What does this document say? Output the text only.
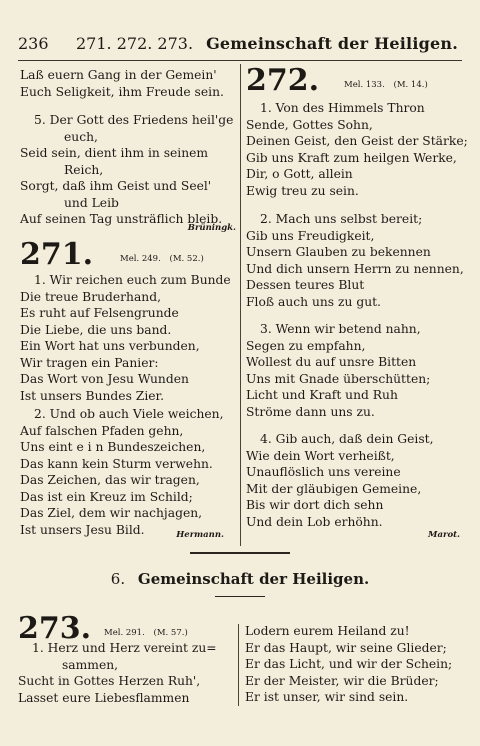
236 271. 272. 273. Gemeinschaft der Heiligen.

Laß euern Gang in der Gemein'

Euch Seligkeit, ihm Freude sein.

5. Der Gott des Friedens heil'ge

euch,

Seid sein, dient ihm in seinem

Reich,

Sorgt, daß ihm Geist und Seel'

und Leib

Auf seinen Tag unsträflich bleib.

Brüningk.
271.	Mel. 249. (M. 52.)

1. Wir reichen euch zum Bunde

Die treue Bruderhand,

Es ruht auf Felsengrunde

Die Liebe, die uns band.

Ein Wort hat uns verbunden,

Wir tragen ein Panier:

Das Wort von Jesu Wunden

Ist unsers Bundes Zier.

2. Und ob auch Viele weichen,

Auf falschen Pfaden gehn,

Uns eint e i n Bundeszeichen,

Das kann kein Sturm verwehn.

Das Zeichen, das wir tragen,

Das ist ein Kreuz im Schild;

Das Ziel, dem wir nachjagen,

Ist unsers Jesu Bild.	Hermann.
272.	Mel. 133. (M. 14.)

1. Von des Himmels Thron

Sende, Gottes Sohn,

Deinen Geist, den Geist der Stärke;

Gib uns Kraft zum heilgen Werke,

Dir, o Gott, allein

Ewig treu zu sein.

2. Mach uns selbst bereit;

Gib uns Freudigkeit,

Unsern Glauben zu bekennen

Und dich unsern Herrn zu nennen,

Dessen teures Blut

Floß auch uns zu gut.

3. Wenn wir betend nahn,

Segen zu empfahn,

Wollest du auf unsre Bitten

Uns mit Gnade überschütten;

Licht und Kraft und Ruh

Ströme dann uns zu.

4. Gib auch, daß dein Geist,

Wie dein Wort verheißt,

Unauflöslich uns vereine

Mit der gläubigen Gemeine,

Bis wir dort dich sehn

Und dein Lob erhöhn.

Marot.
6. Gemeinschaft der Heiligen.
273. Mel. 291. (M. 57.)

1. Herz und Herz vereint zu=

sammen,

Sucht in Gottes Herzen Ruh',

Lasset eure Liebesflammen

Lodern eurem Heiland zu!

Er das Haupt, wir seine Glieder;

Er das Licht, und wir der Schein;

Er der Meister, wir die Brüder;

Er ist unser, wir sind sein.
